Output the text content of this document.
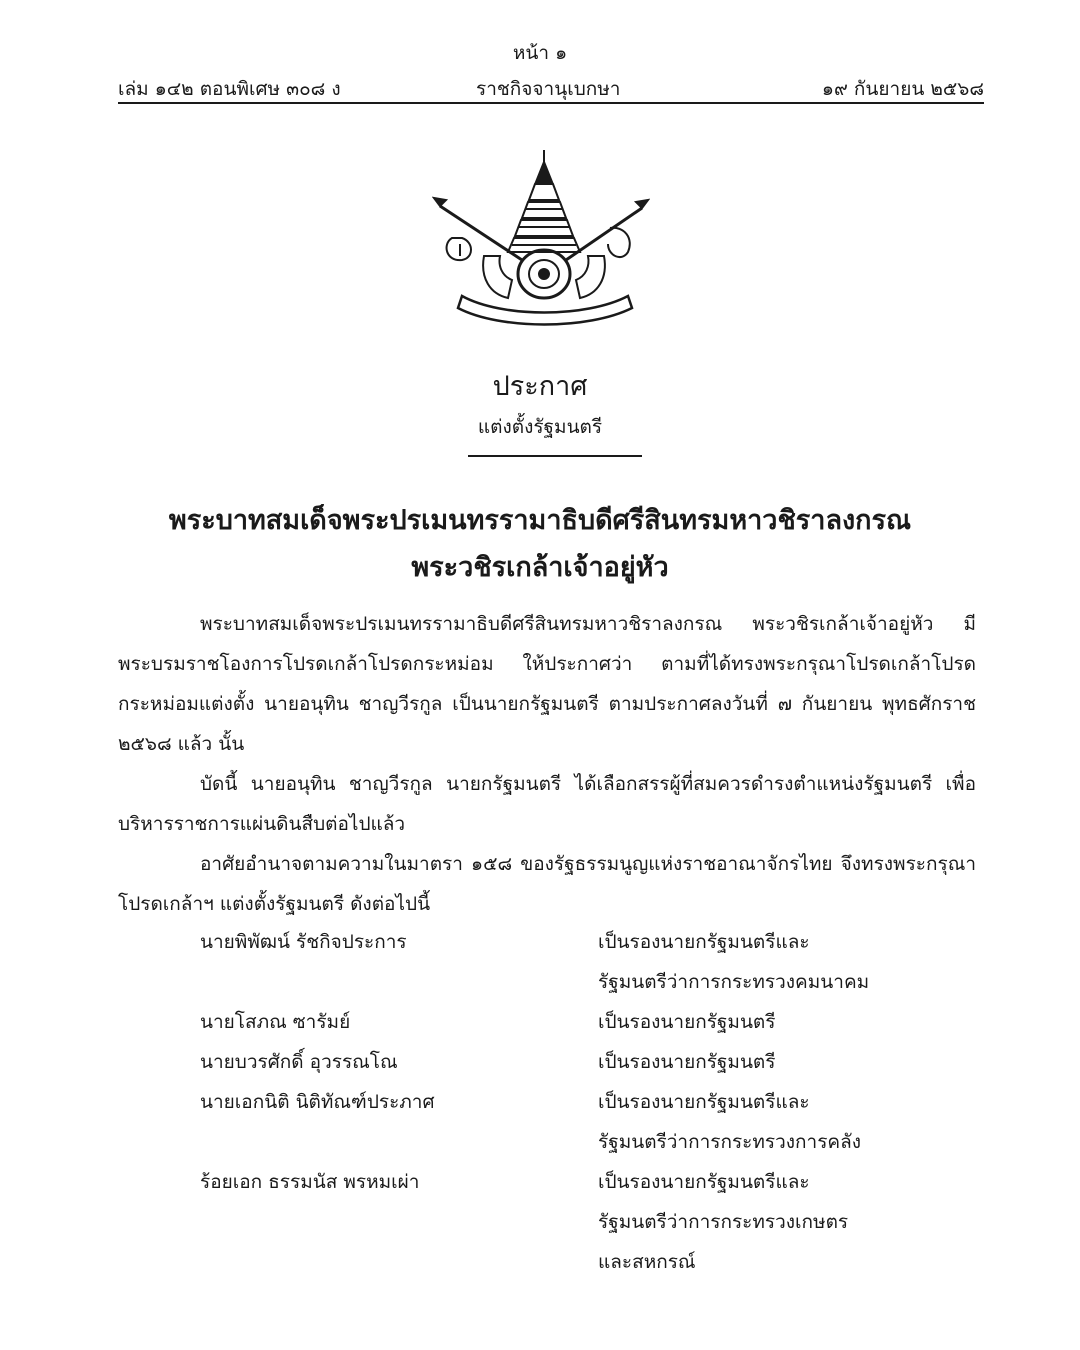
หน้า ๑
เล่ม ๑๔๒ ตอนพิเศษ ๓๐๘ ง	ราชกิจจานุเบกษา	๑๙ กันยายน ๒๕๖๘
ประกาศ
แต่งตั้งรัฐมนตรี
พระบาทสมเด็จพระปรเมนทรรามาธิบดีศรีสินทรมหาวชิราลงกรณ
พระวชิรเกล้าเจ้าอยู่หัว

พระบาทสมเด็จพระปรเมนทรรามาธิบดีศรีสินทรมหาวชิราลงกรณ พระวชิรเกล้าเจ้าอยู่หัว มีพระบรมราชโองการโปรดเกล้าโปรดกระหม่อม ให้ประกาศว่า ตามที่ได้ทรงพระกรุณาโปรดเกล้าโปรดกระหม่อมแต่งตั้ง นายอนุทิน ชาญวีรกูล เป็นนายกรัฐมนตรี ตามประกาศลงวันที่ ๗ กันยายน พุทธศักราช ๒๕๖๘ แล้ว นั้น

บัดนี้ นายอนุทิน ชาญวีรกูล นายกรัฐมนตรี ได้เลือกสรรผู้ที่สมควรดำรงตำแหน่งรัฐมนตรี เพื่อบริหารราชการแผ่นดินสืบต่อไปแล้ว

อาศัยอำนาจตามความในมาตรา ๑๕๘ ของรัฐธรรมนูญแห่งราชอาณาจักรไทย จึงทรงพระกรุณาโปรดเกล้าฯ แต่งตั้งรัฐมนตรี ดังต่อไปนี้

นายพิพัฒน์ รัชกิจประการ	เป็นรองนายกรัฐมนตรีและ
รัฐมนตรีว่าการกระทรวงคมนาคม
นายโสภณ ซารัมย์	เป็นรองนายกรัฐมนตรี
นายบวรศักดิ์ อุวรรณโณ	เป็นรองนายกรัฐมนตรี
นายเอกนิติ นิติทัณฑ์ประภาศ	เป็นรองนายกรัฐมนตรีและ
รัฐมนตรีว่าการกระทรวงการคลัง
ร้อยเอก ธรรมนัส พรหมเผ่า	เป็นรองนายกรัฐมนตรีและ
รัฐมนตรีว่าการกระทรวงเกษตร
และสหกรณ์
